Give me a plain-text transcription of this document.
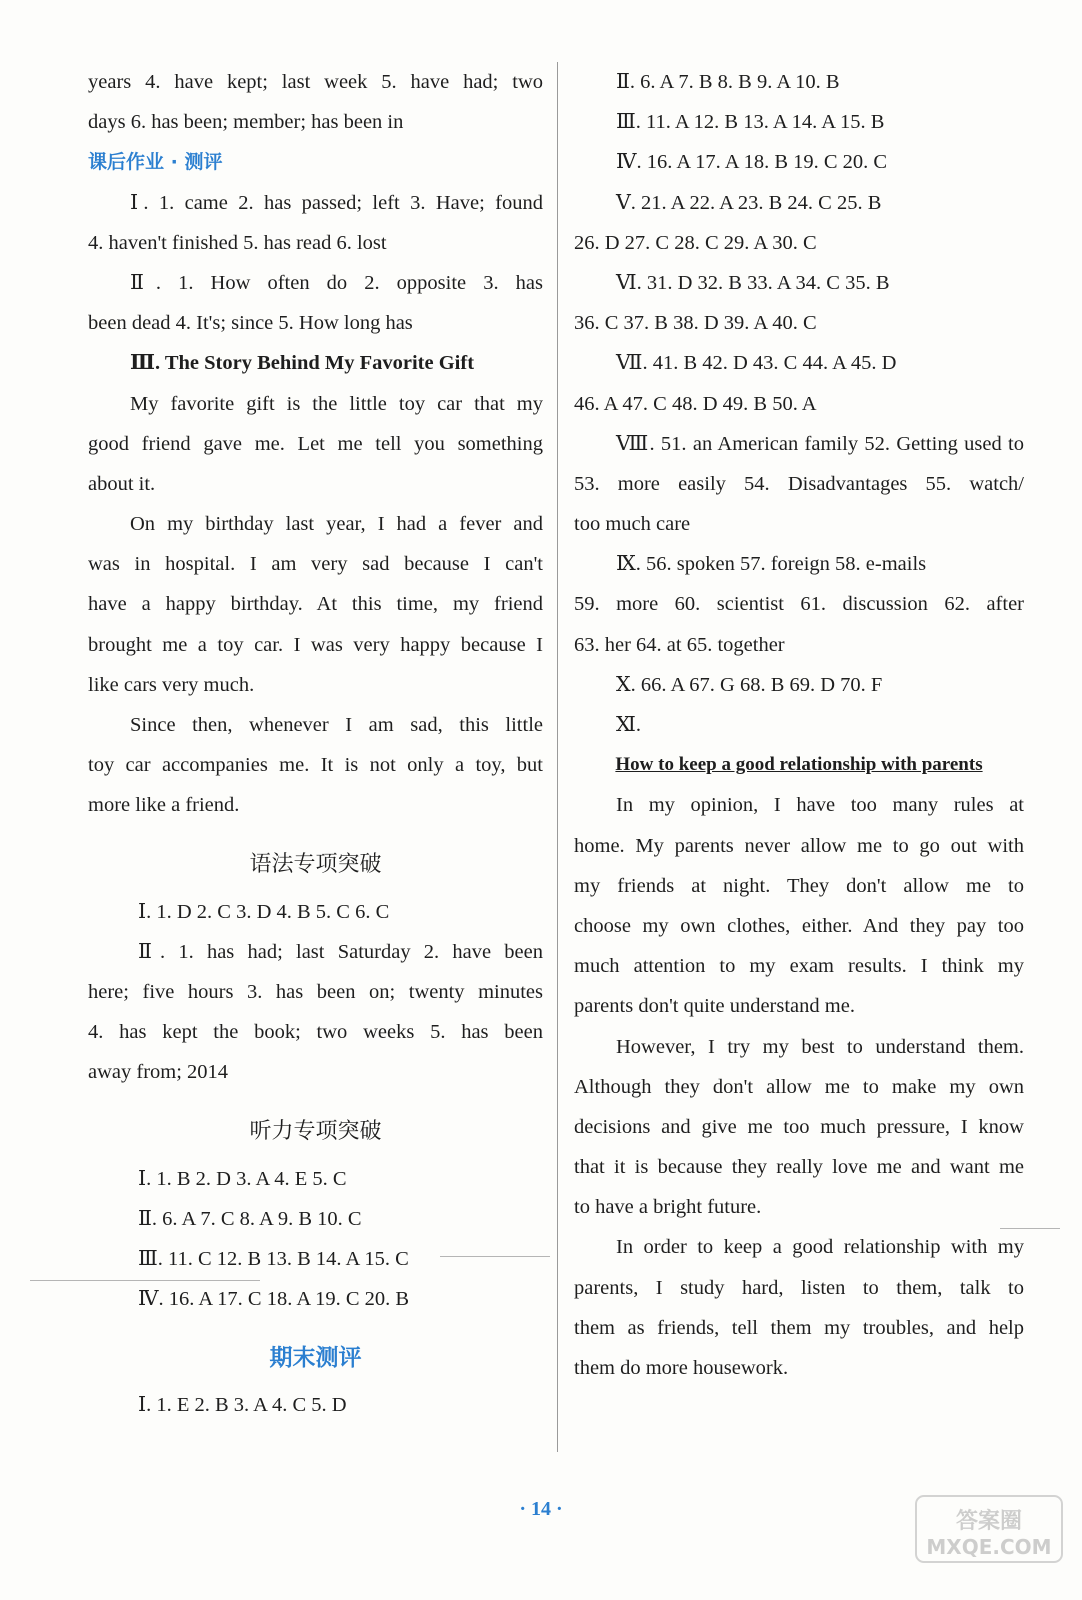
years 4. have kept; last week 5. have had; two
days 6. has been; member; has been in
课后作业 · 测评
Ⅰ. 1. came 2. has passed; left 3. Have; found
4. haven't finished 5. has read 6. lost
Ⅱ. 1. How often do 2. opposite 3. has
been dead 4. It's; since 5. How long has
Ⅲ. The Story Behind My Favorite Gift
My favorite gift is the little toy car that my
good friend gave me. Let me tell you something
about it.
On my birthday last year, I had a fever and
was in hospital. I am very sad because I can't
have a happy birthday. At this time, my friend
brought me a toy car. I was very happy because I
like cars very much.
Since then, whenever I am sad, this little
toy car accompanies me. It is not only a toy, but
more like a friend.
语法专项突破
Ⅰ. 1. D 2. C 3. D 4. B 5. C 6. C
Ⅱ. 1. has had; last Saturday 2. have been
here; five hours 3. has been on; twenty minutes
4. has kept the book; two weeks 5. has been
away from; 2014
听力专项突破
Ⅰ. 1. B 2. D 3. A 4. E 5. C
Ⅱ. 6. A 7. C 8. A 9. B 10. C
Ⅲ. 11. C 12. B 13. B 14. A 15. C
Ⅳ. 16. A 17. C 18. A 19. C 20. B
期末测评
Ⅰ. 1. E 2. B 3. A 4. C 5. D
Ⅱ. 6. A 7. B 8. B 9. A 10. B
Ⅲ. 11. A 12. B 13. A 14. A 15. B
Ⅳ. 16. A 17. A 18. B 19. C 20. C
Ⅴ. 21. A 22. A 23. B 24. C 25. B
26. D 27. C 28. C 29. A 30. C
Ⅵ. 31. D 32. B 33. A 34. C 35. B
36. C 37. B 38. D 39. A 40. C
Ⅶ. 41. B 42. D 43. C 44. A 45. D
46. A 47. C 48. D 49. B 50. A
Ⅷ. 51. an American family 52. Getting used to
53. more easily 54. Disadvantages 55. watch/
too much care
Ⅸ. 56. spoken 57. foreign 58. e-mails
59. more 60. scientist 61. discussion 62. after
63. her 64. at 65. together
Ⅹ. 66. A 67. G 68. B 69. D 70. F
Ⅺ.
How to keep a good relationship with parents
In my opinion, I have too many rules at
home. My parents never allow me to go out with
my friends at night. They don't allow me to
choose my own clothes, either. And they pay too
much attention to my exam results. I think my
parents don't quite understand me.
However, I try my best to understand them.
Although they don't allow me to make my own
decisions and give me too much pressure, I know
that it is because they really love me and want me
to have a bright future.
In order to keep a good relationship with my
parents, I study hard, listen to them, talk to
them as friends, tell them my troubles, and help
them do more housework.
· 14 ·	答案圈
MXQE.COM
